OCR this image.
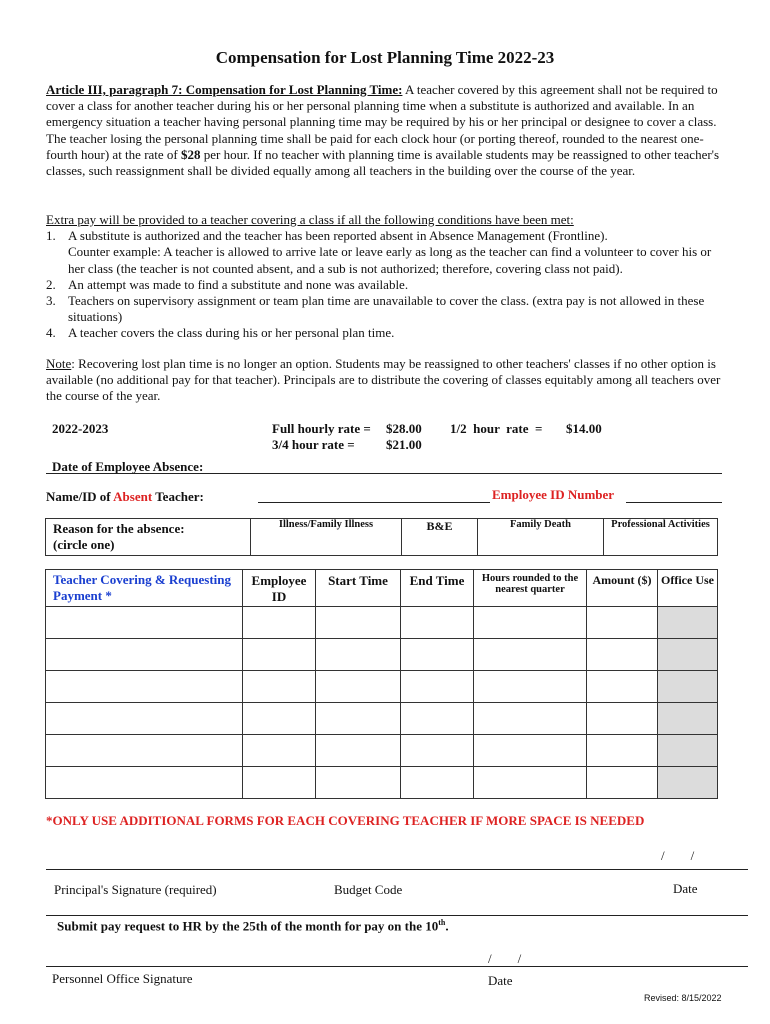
Compensation for Lost Planning Time 2022-23
Article III, paragraph 7: Compensation for Lost Planning Time: A teacher covered by this agreement shall not be required to cover a class for another teacher during his or her personal planning time when a substitute is authorized and available. In an emergency situation a teacher having personal planning time may be required by his or her principal or designee to cover a class. The teacher losing the personal planning time shall be paid for each clock hour (or porting thereof, rounded to the nearest one-fourth hour) at the rate of $28 per hour. If no teacher with planning time is available students may be reassigned to other teacher's classes, such reassignment shall be divided equally among all teachers in the building over the course of the year.
Extra pay will be provided to a teacher covering a class if all the following conditions have been met:
1. A substitute is authorized and the teacher has been reported absent in Absence Management (Frontline).
Counter example: A teacher is allowed to arrive late or leave early as long as the teacher can find a volunteer to cover his or her class (the teacher is not counted absent, and a sub is not authorized; therefore, covering class not paid).
2. An attempt was made to find a substitute and none was available.
3. Teachers on supervisory assignment or team plan time are unavailable to cover the class. (extra pay is not allowed in these situations)
4. A teacher covers the class during his or her personal plan time.
Note: Recovering lost plan time is no longer an option. Students may be reassigned to other teachers' classes if no other option is available (no additional pay for that teacher). Principals are to distribute the covering of classes equitably among all teachers over the course of the year.
2022-2023	Full hourly rate = $28.00
3/4 hour rate = $21.00
1/2  hour  rate  = $14.00
Date of Employee Absence:
Name/ID of Absent Teacher:	Employee ID Number
Reason for the absence:
(circle one)
	Illness/Family Illness	B&E	Family Death	Professional Activities
Teacher Covering & Requesting Payment *	Employee ID	Start Time	End Time	Hours rounded to the nearest quarter	Amount ($)	Office Use

*ONLY USE ADDITIONAL FORMS FOR EACH COVERING TEACHER IF MORE SPACE IS NEEDED
/        /
Principal's Signature (required)	Budget Code	Date
Submit pay request to HR by the 25th of the month for pay on the 10th.
/        /
Personnel Office Signature	Date
Revised: 8/15/2022
